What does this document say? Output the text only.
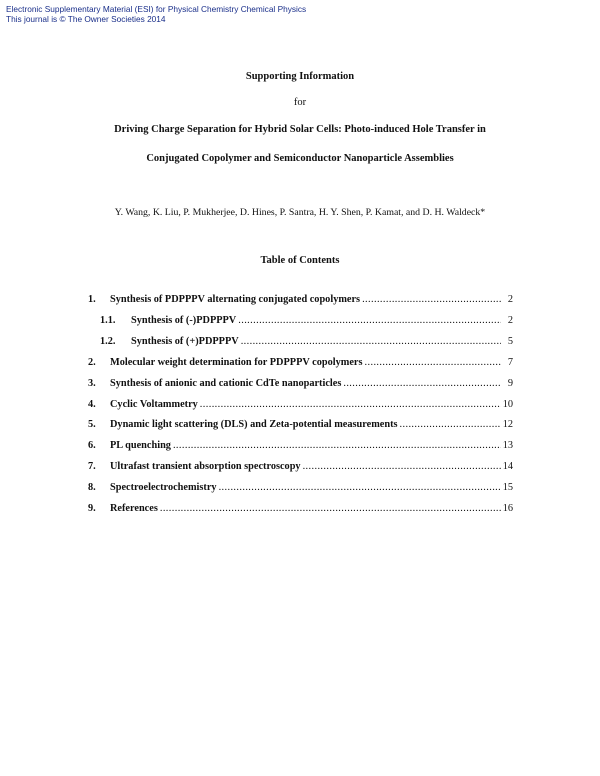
Electronic Supplementary Material (ESI) for Physical Chemistry Chemical Physics
This journal is © The Owner Societies 2014
Supporting Information
for
Driving Charge Separation for Hybrid Solar Cells: Photo-induced Hole Transfer in
Conjugated Copolymer and Semiconductor Nanoparticle Assemblies
Y. Wang, K. Liu, P. Mukherjee, D. Hines, P. Santra, H. Y. Shen, P. Kamat, and D. H. Waldeck*
Table of Contents
1.	Synthesis of PDPPPV alternating conjugated copolymers .....	2
1.1.	Synthesis of (-)PDPPPV .....	2
1.2.	Synthesis of (+)PDPPPV .....	5
2.	Molecular weight determination for PDPPPV copolymers .....	7
3.	Synthesis of anionic and cationic CdTe nanoparticles .....	9
4.	Cyclic Voltammetry .....	10
5.	Dynamic light scattering (DLS) and Zeta-potential measurements .....	12
6.	PL quenching .....	13
7.	Ultrafast transient absorption spectroscopy .....	14
8.	Spectroelectrochemistry .....	15
9.	References .....	16
